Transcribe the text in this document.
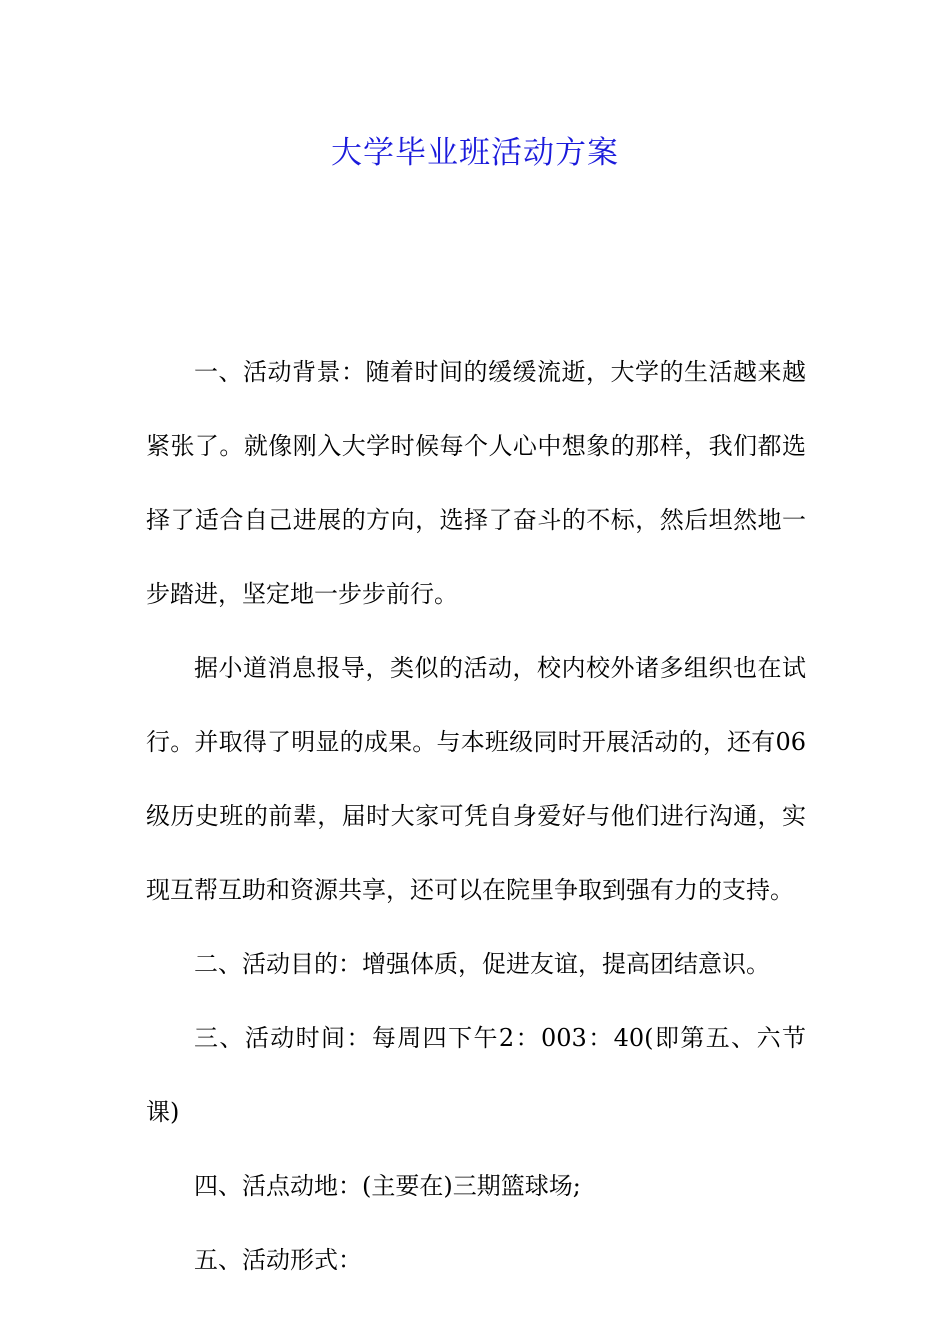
大学毕业班活动方案

一、活动背景：随着时间的缓缓流逝，大学的生活越来越紧张了。就像刚入大学时候每个人心中想象的那样，我们都选择了适合自己进展的方向，选择了奋斗的不标，然后坦然地一步踏进，坚定地一步步前行。

据小道消息报导，类似的活动，校内校外诸多组织也在试行。并取得了明显的成果。与本班级同时开展活动的，还有06级历史班的前辈，届时大家可凭自身爱好与他们进行沟通，实现互帮互助和资源共享，还可以在院里争取到强有力的支持。

二、活动目的：增强体质，促进友谊，提高团结意识。

三、活动时间：每周四下午2：003：40(即第五、六节课)

四、活点动地：(主要在)三期篮球场;

五、活动形式：
